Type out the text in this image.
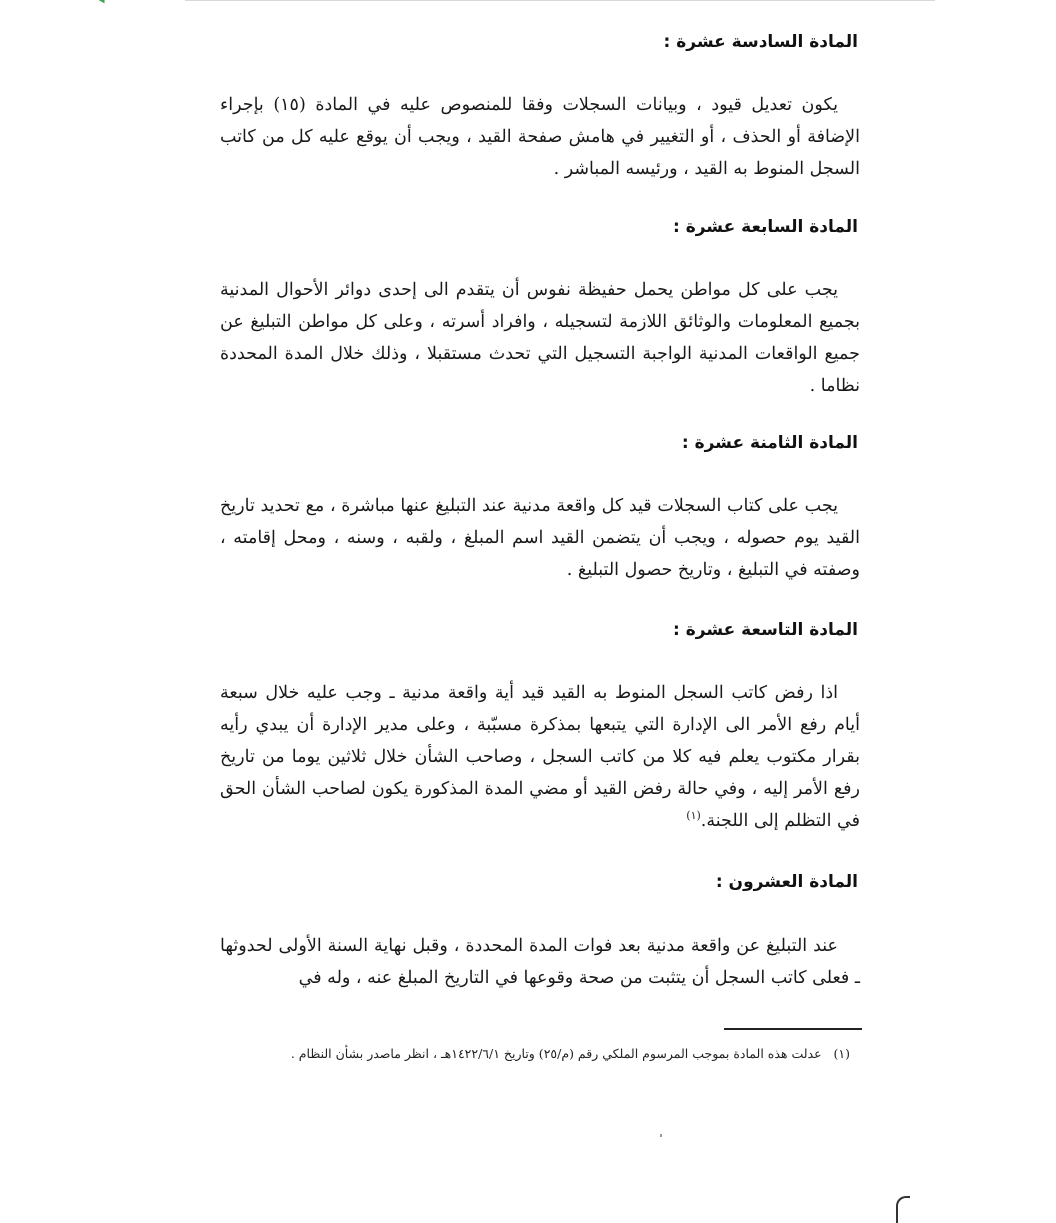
المادة السادسة عشرة :
يكون تعديل قيود ، وبيانات السجلات وفقا للمنصوص عليه في المادة (١٥) بإجراء الإضافة أو الحذف ، أو التغيير في هامش صفحة القيد ، ويجب أن يوقع عليه كل من كاتب السجل المنوط به القيد ، ورئيسه المباشر .
المادة السابعة عشرة :
يجب على كل مواطن يحمل حفيظة نفوس أن يتقدم الى إحدى دوائر الأحوال المدنية بجميع المعلومات والوثائق اللازمة لتسجيله ، وافراد أسرته ، وعلى كل مواطن التبليغ عن جميع الواقعات المدنية الواجبة التسجيل التي تحدث مستقبلا ، وذلك خلال المدة المحددة نظاما .
المادة الثامنة عشرة :
يجب على كتاب السجلات قيد كل واقعة مدنية عند التبليغ عنها مباشرة ، مع تحديد تاريخ القيد يوم حصوله ، ويجب أن يتضمن القيد اسم المبلغ ، ولقبه ، وسنه ، ومحل إقامته ، وصفته في التبليغ ، وتاريخ حصول التبليغ .
المادة التاسعة عشرة :
اذا رفض كاتب السجل المنوط به القيد قيد أية واقعة مدنية ـ وجب عليه خلال سبعة أيام رفع الأمر الى الإدارة التي يتبعها بمذكرة مسبّبة ، وعلى مدير الإدارة أن يبدي رأيه بقرار مكتوب يعلم فيه كلا من كاتب السجل ، وصاحب الشأن خلال ثلاثين يوما من تاريخ رفع الأمر إليه ، وفي حالة رفض القيد أو مضي المدة المذكورة يكون لصاحب الشأن الحق في التظلم إلى اللجنة.$^{(١)}$
المادة العشرون :
عند التبليغ عن واقعة مدنية بعد فوات المدة المحددة ، وقبل نهاية السنة الأولى لحدوثها ـ فعلى كاتب السجل أن يتثبت من صحة وقوعها في التاريخ المبلغ عنه ، وله في
(١)   عدلت هذه المادة بموجب المرسوم الملكي رقم (م/٢٥) وتاريخ ١٤٢٢/٦/١هـ ، انظر ماصدر بشأن النظام .
